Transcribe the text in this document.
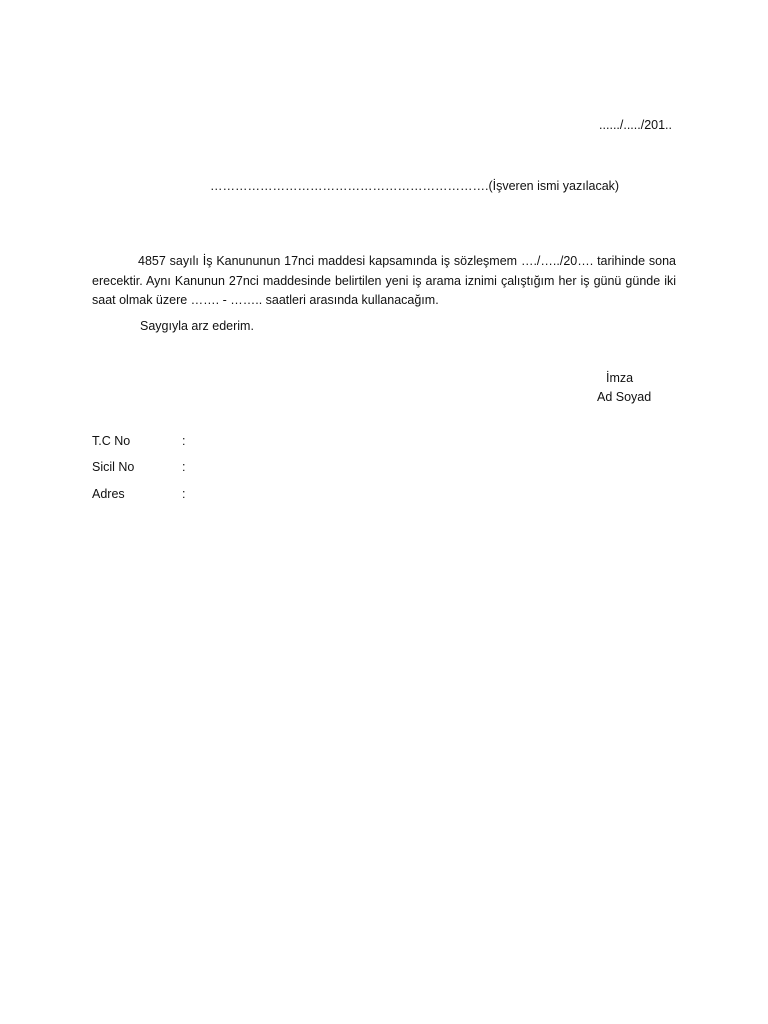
....../...../201..
………………………………………………………….(İşveren ismi yazılacak)

4857 sayılı İş Kanununun 17nci maddesi kapsamında iş sözleşmem …./…../20…. tarihinde sona erecektir. Aynı Kanunun 27nci maddesinde belirtilen yeni iş arama iznimi çalıştığım her iş günü günde iki saat olmak üzere ……. - …….. saatleri arasında kullanacağım.

Saygıyla arz ederim.
İmza
Ad Soyad
T.C No	:
Sicil No	:
Adres	:
